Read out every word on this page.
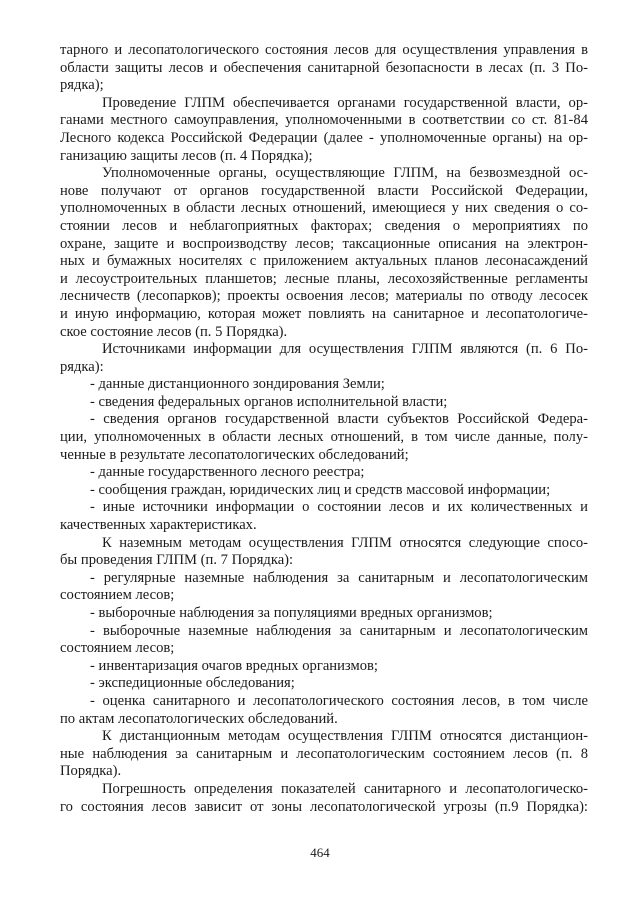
тарного и лесопатологического состояния лесов для осуществления управления в
области защиты лесов и обеспечения санитарной безопасности в лесах (п. 3 По-
рядка);
Проведение ГЛПМ обеспечивается органами государственной власти, ор-
ганами местного самоуправления, уполномоченными в соответствии со ст. 81-84
Лесного кодекса Российской Федерации (далее - уполномоченные органы) на ор-
ганизацию защиты лесов (п. 4 Порядка);
Уполномоченные органы, осуществляющие ГЛПМ, на безвозмездной ос-
нове получают от органов государственной власти Российской Федерации,
уполномоченных в области лесных отношений, имеющиеся у них сведения о со-
стоянии лесов и неблагоприятных факторах; сведения о мероприятиях по
охране, защите и воспроизводству лесов; таксационные описания на электрон-
ных и бумажных носителях с приложением актуальных планов лесонасаждений
и лесоустроительных планшетов; лесные планы, лесохозяйственные регламенты
лесничеств (лесопарков); проекты освоения лесов; материалы по отводу лесосек
и иную информацию, которая может повлиять на санитарное и лесопатологиче-
ское состояние лесов (п. 5 Порядка).
Источниками информации для осуществления ГЛПМ являются (п. 6 По-
рядка):
- данные дистанционного зондирования Земли;
- сведения федеральных органов исполнительной власти;
- сведения органов государственной власти субъектов Российской Федера-
ции, уполномоченных в области лесных отношений, в том числе данные, полу-
ченные в результате лесопатологических обследований;
- данные государственного лесного реестра;
- сообщения граждан, юридических лиц и средств массовой информации;
- иные источники информации о состоянии лесов и их количественных и
качественных характеристиках.
К наземным методам осуществления ГЛПМ относятся следующие спосо-
бы проведения ГЛПМ (п. 7 Порядка):
- регулярные наземные наблюдения за санитарным и лесопатологическим
состоянием лесов;
- выборочные наблюдения за популяциями вредных организмов;
- выборочные наземные наблюдения за санитарным и лесопатологическим
состоянием лесов;
- инвентаризация очагов вредных организмов;
- экспедиционные обследования;
- оценка санитарного и лесопатологического состояния лесов, в том числе
по актам лесопатологических обследований.
К дистанционным методам осуществления ГЛПМ относятся дистанцион-
ные наблюдения за санитарным и лесопатологическим состоянием лесов (п. 8
Порядка).
Погрешность определения показателей санитарного и лесопатологическо-
го состояния лесов зависит от зоны лесопатологической угрозы (п.9 Порядка):
464
